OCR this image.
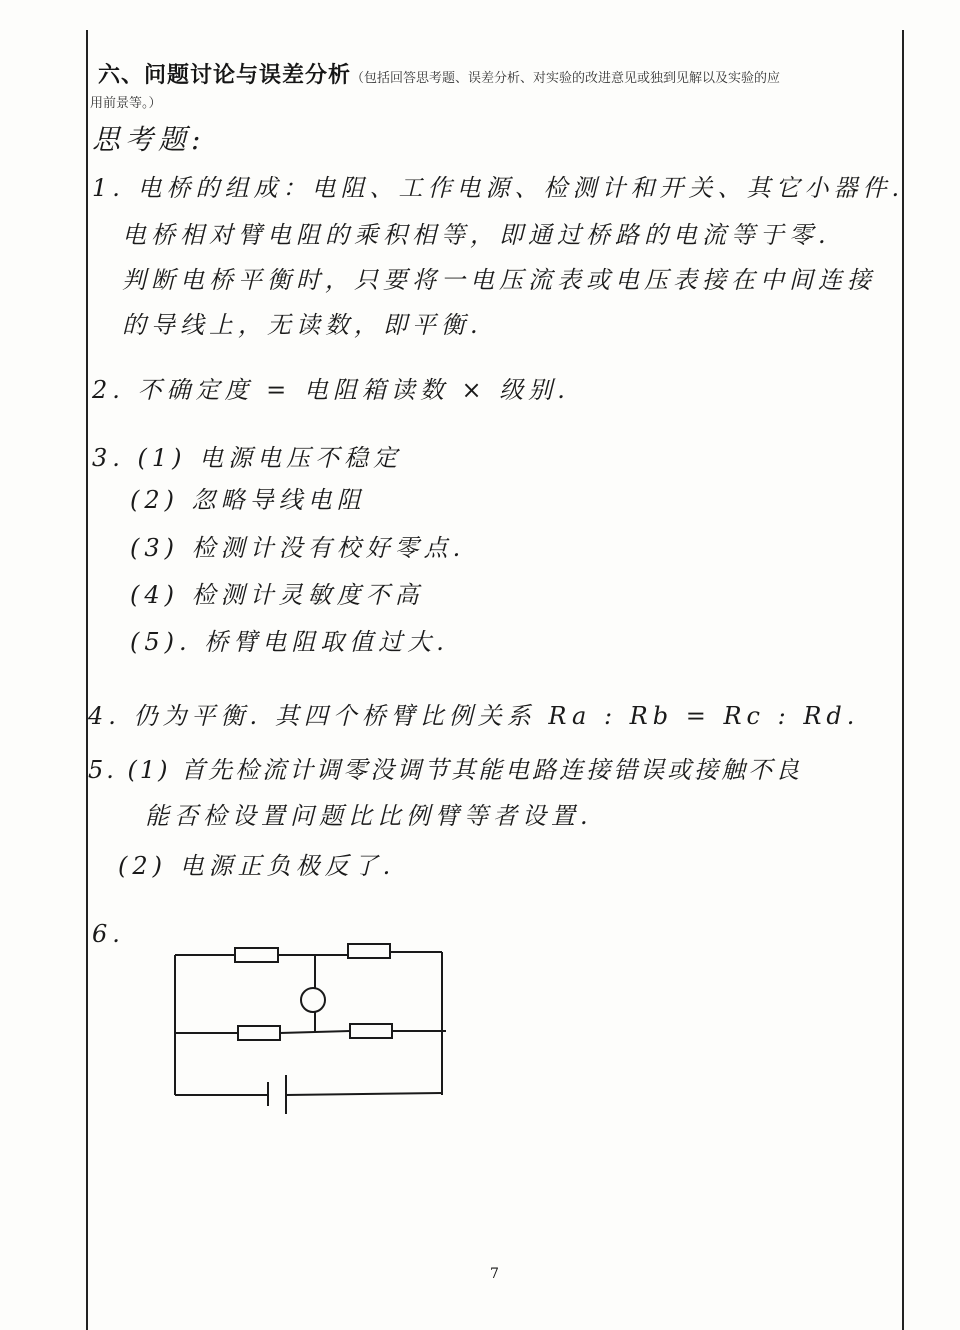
六、问题讨论与误差分析（包括回答思考题、误差分析、对实验的改进意见或独到见解以及实验的应
用前景等。）
思考题:
1. 电桥的组成：电阻、工作电源、检测计和开关、其它小器件.
电桥相对臂电阻的乘积相等，即通过桥路的电流等于零.
判断电桥平衡时，只要将一电压流表或电压表接在中间连接
的导线上，无读数，即平衡.
2. 不确定度 = 电阻箱读数 × 级别.
3. (1) 电源电压不稳定
(2) 忽略导线电阻
(3) 检测计没有校好零点.
(4) 检测计灵敏度不高
(5). 桥臂电阻取值过大.
4. 仍为平衡. 其四个桥臂比例关系 Ra : Rb = Rc : Rd.
5. (1) 首先检流计调零没调节其能电路连接错误或接触不良
能否检设置问题比比例臂等者设置.
(2) 电源正负极反了.
6.
7
